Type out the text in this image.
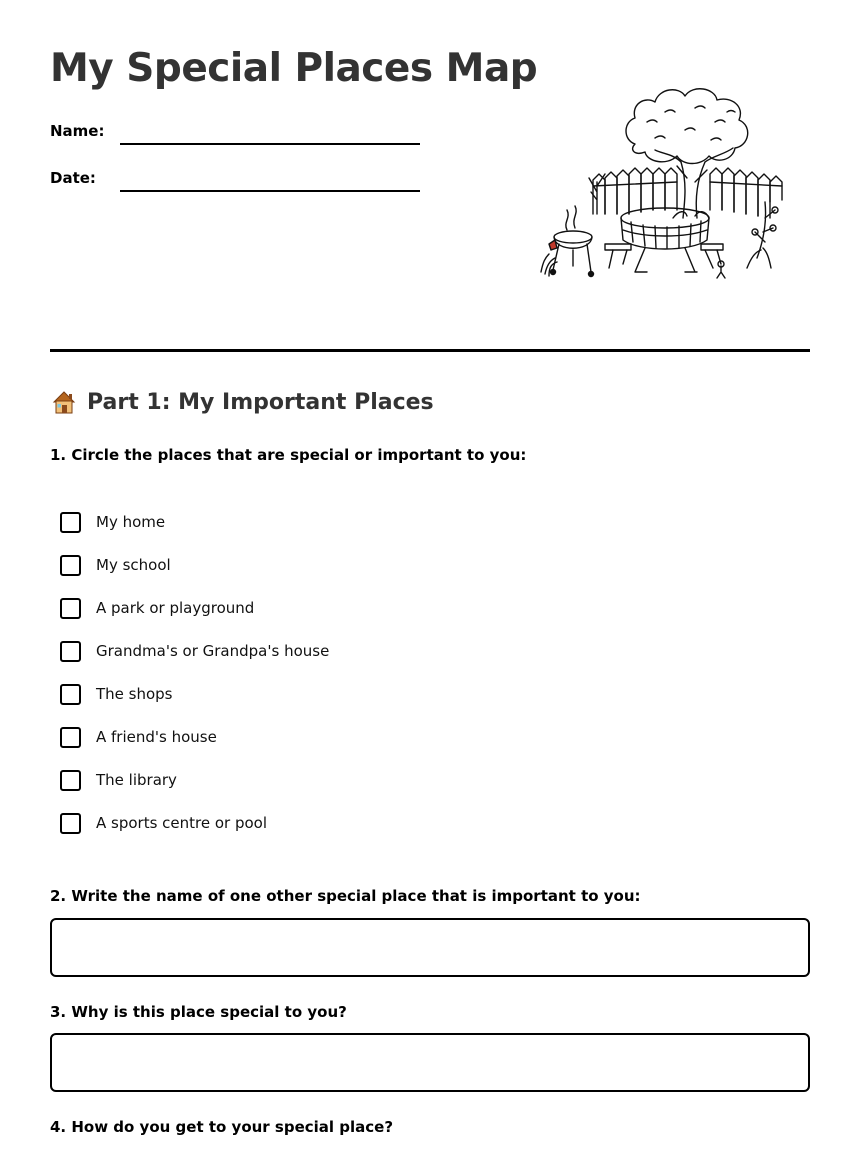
My Special Places Map
Name:
Date:
Part 1: My Important Places

1. Circle the places that are special or important to you:

My home
My school
A park or playground
Grandma's or Grandpa's house
The shops
A friend's house
The library
A sports centre or pool

2. Write the name of one other special place that is important to you:

3. Why is this place special to you?

4. How do you get to your special place?
